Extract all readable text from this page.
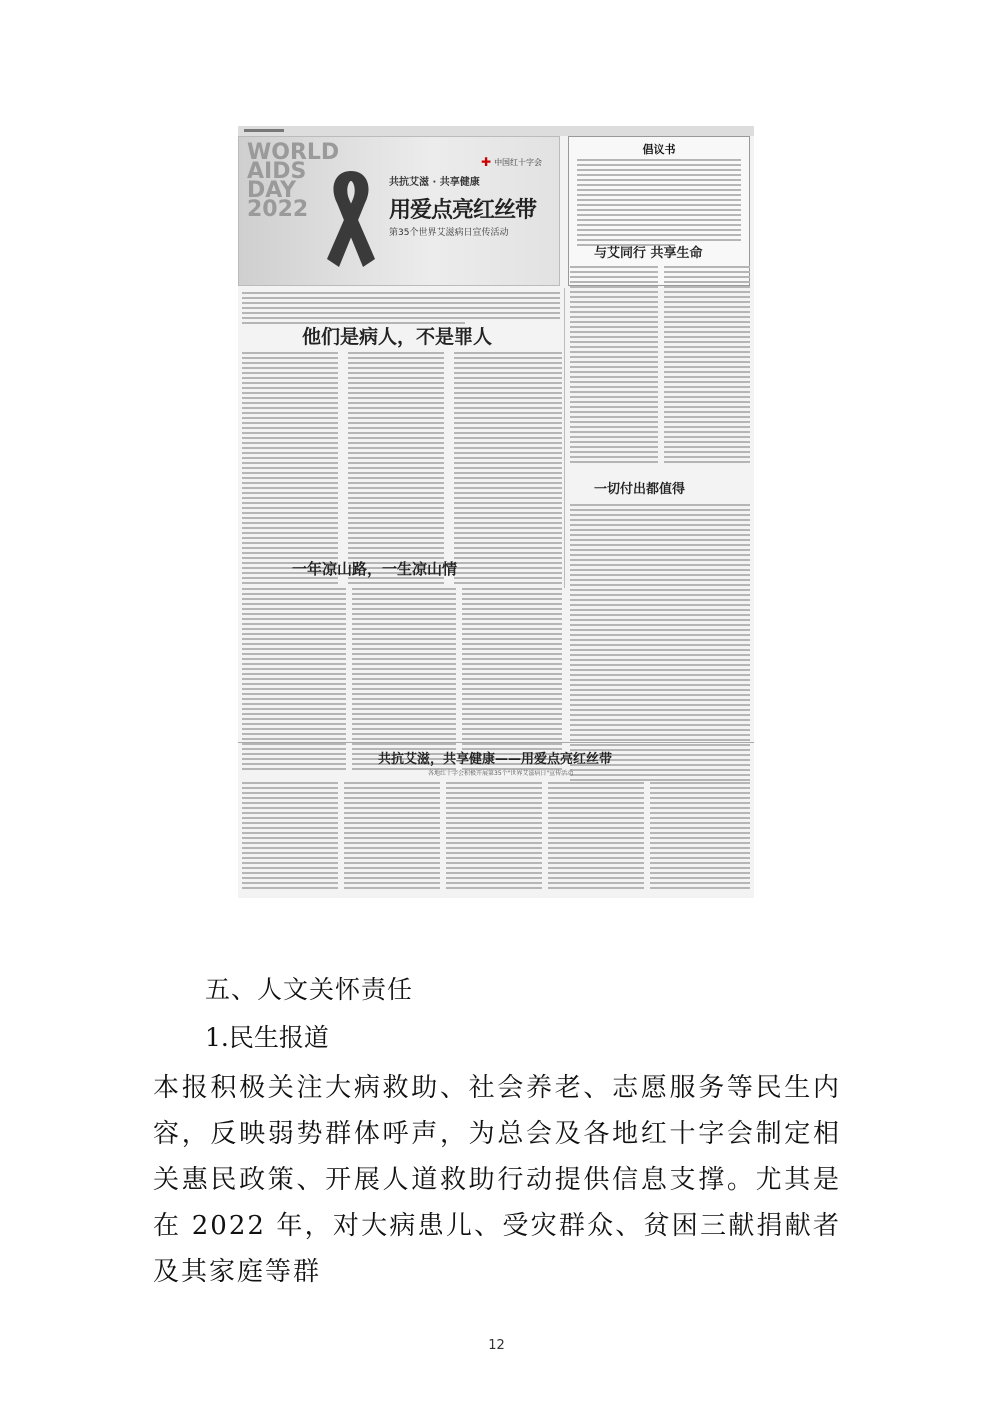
WORLD
AIDS
DAY
2022
共抗艾滋 · 共享健康
用爱点亮红丝带
第35个世界艾滋病日宣传活动
✚ 中国红十字会
倡议书
他们是病人，不是罪人
与艾同行 共享生命
一切付出都值得
一年凉山路，一生凉山情
共抗艾滋，共享健康——用爱点亮红丝带
各地红十字会积极开展第35个"世界艾滋病日"宣传活动
五、人文关怀责任
1.民生报道
本报积极关注大病救助、社会养老、志愿服务等民生内容，反映弱势群体呼声，为总会及各地红十字会制定相关惠民政策、开展人道救助行动提供信息支撑。尤其是在 2022 年，对大病患儿、受灾群众、贫困三献捐献者及其家庭等群
12
